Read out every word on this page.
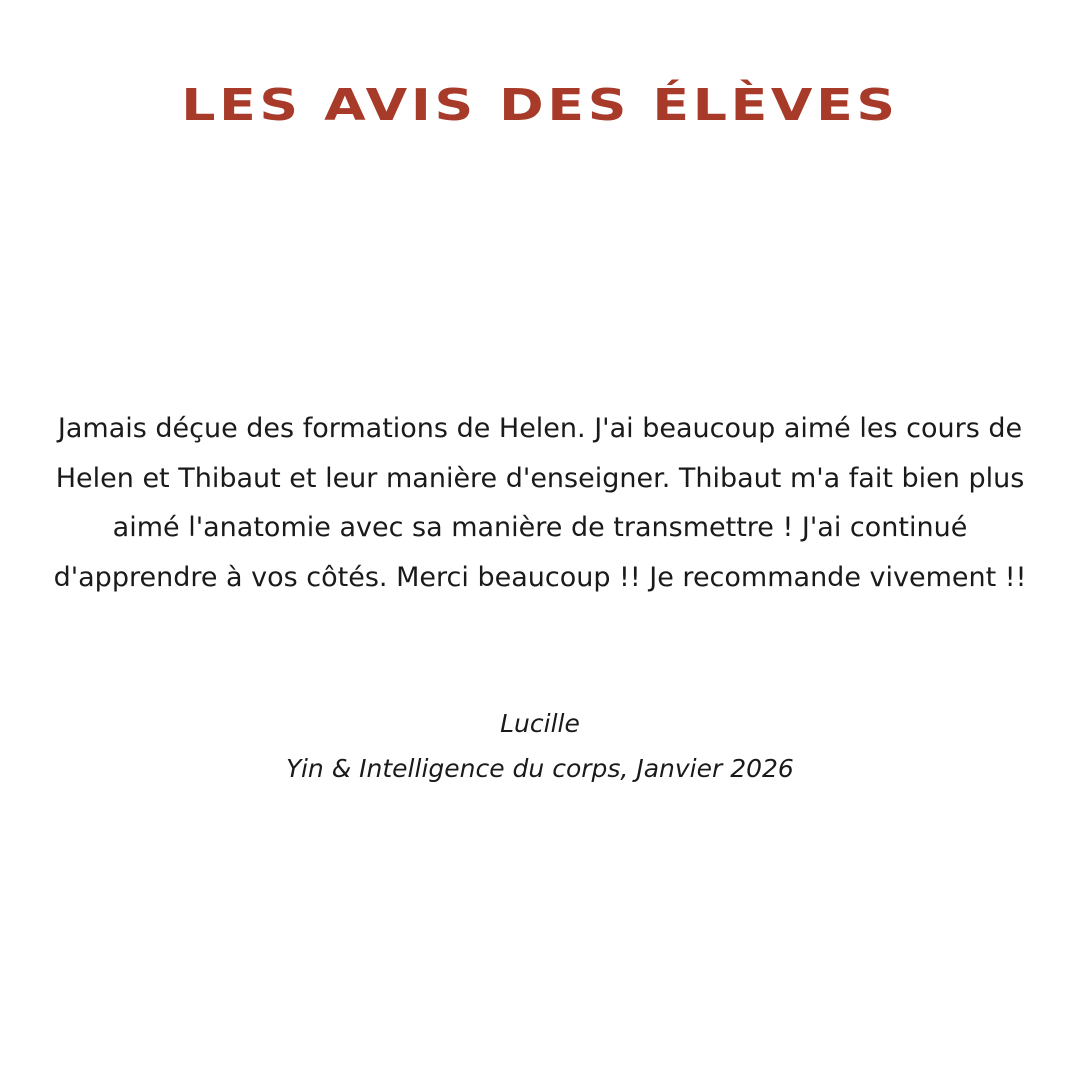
LES AVIS DES ÉLÈVES

Jamais déçue des formations de Helen. J'ai beaucoup aimé les cours de Helen et Thibaut et leur manière d'enseigner. Thibaut m'a fait bien plus aimé l'anatomie avec sa manière de transmettre ! J'ai continué d'apprendre à vos côtés. Merci beaucoup !! Je recommande vivement !!

Lucille
Yin & Intelligence du corps, Janvier 2026
